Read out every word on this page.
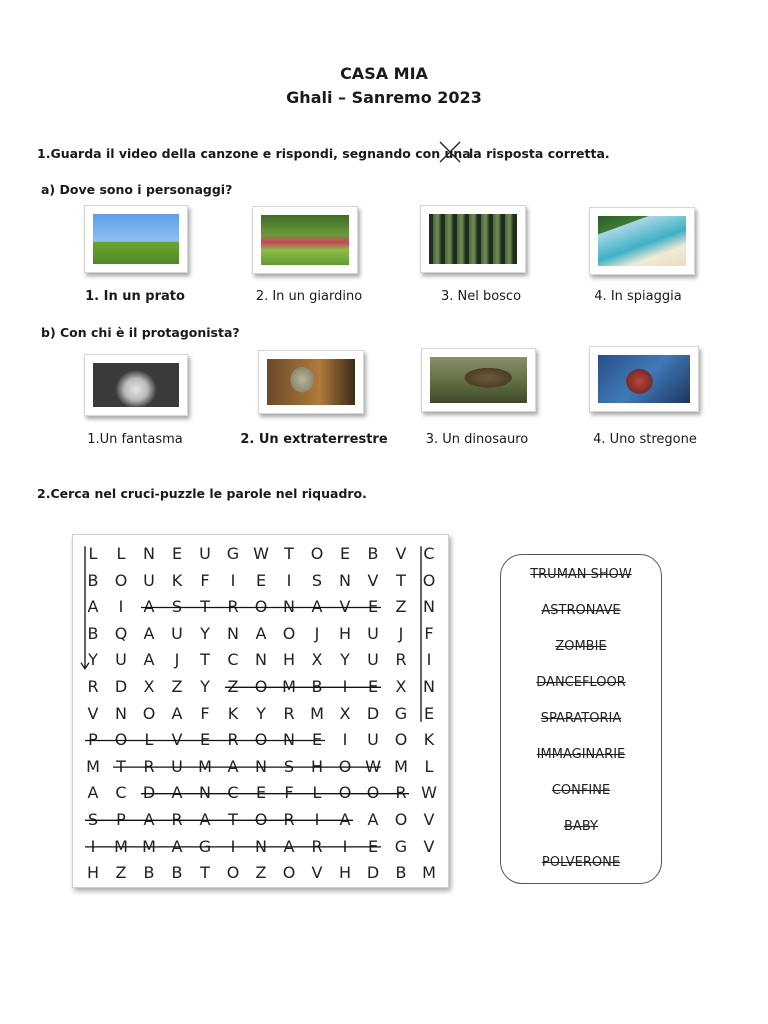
CASA MIA
Ghali – Sanremo 2023
1.Guarda il video della canzone e rispondi, segnando con una
la risposta corretta.
a) Dove sono i personaggi?
1. In un prato	2. In un giardino	3. Nel bosco	4. In spiaggia
b) Con chi è il protagonista?
1.Un fantasma	2. Un extraterrestre	3. Un dinosauro	4. Uno stregone
2.Cerca nel cruci-puzzle le parole nel riquadro.
L	L	N	E	U G W T	O	E	B	V	C
B	O U	K	F	I	E	I	S	N	V	T	O
A	I	A	S	T	R	O N	A	V	E	Z	N
B	Q	A	U	Y	N	A	O	J	H	U	J	F
Y	U	A	J	T	C	N	H	X	Y	U	R	I
R	D	X	Z	Y	Z	O M B	I	E	X	N
V	N O	A	F	K	Y	R M X	D G	E
P	O	L	V	E	R	O N	E	I	U O	K
M	T	R	U M A	N	S	H O W M	L
A	C	D	A	N	C	E	F	L	O O	R W
S	P	A	R	A	T	O	R	I	A	A	O	V
I	M M A	G	I	N	A	R	I	E	G	V
H	Z	B	B	T	O	Z	O	V	H D	B M
TRUMAN SHOW
ASTRONAVE
ZOMBIE
DANCEFLOOR
SPARATORIA
IMMAGINARIE
CONFINE
BABY
POLVERONE
